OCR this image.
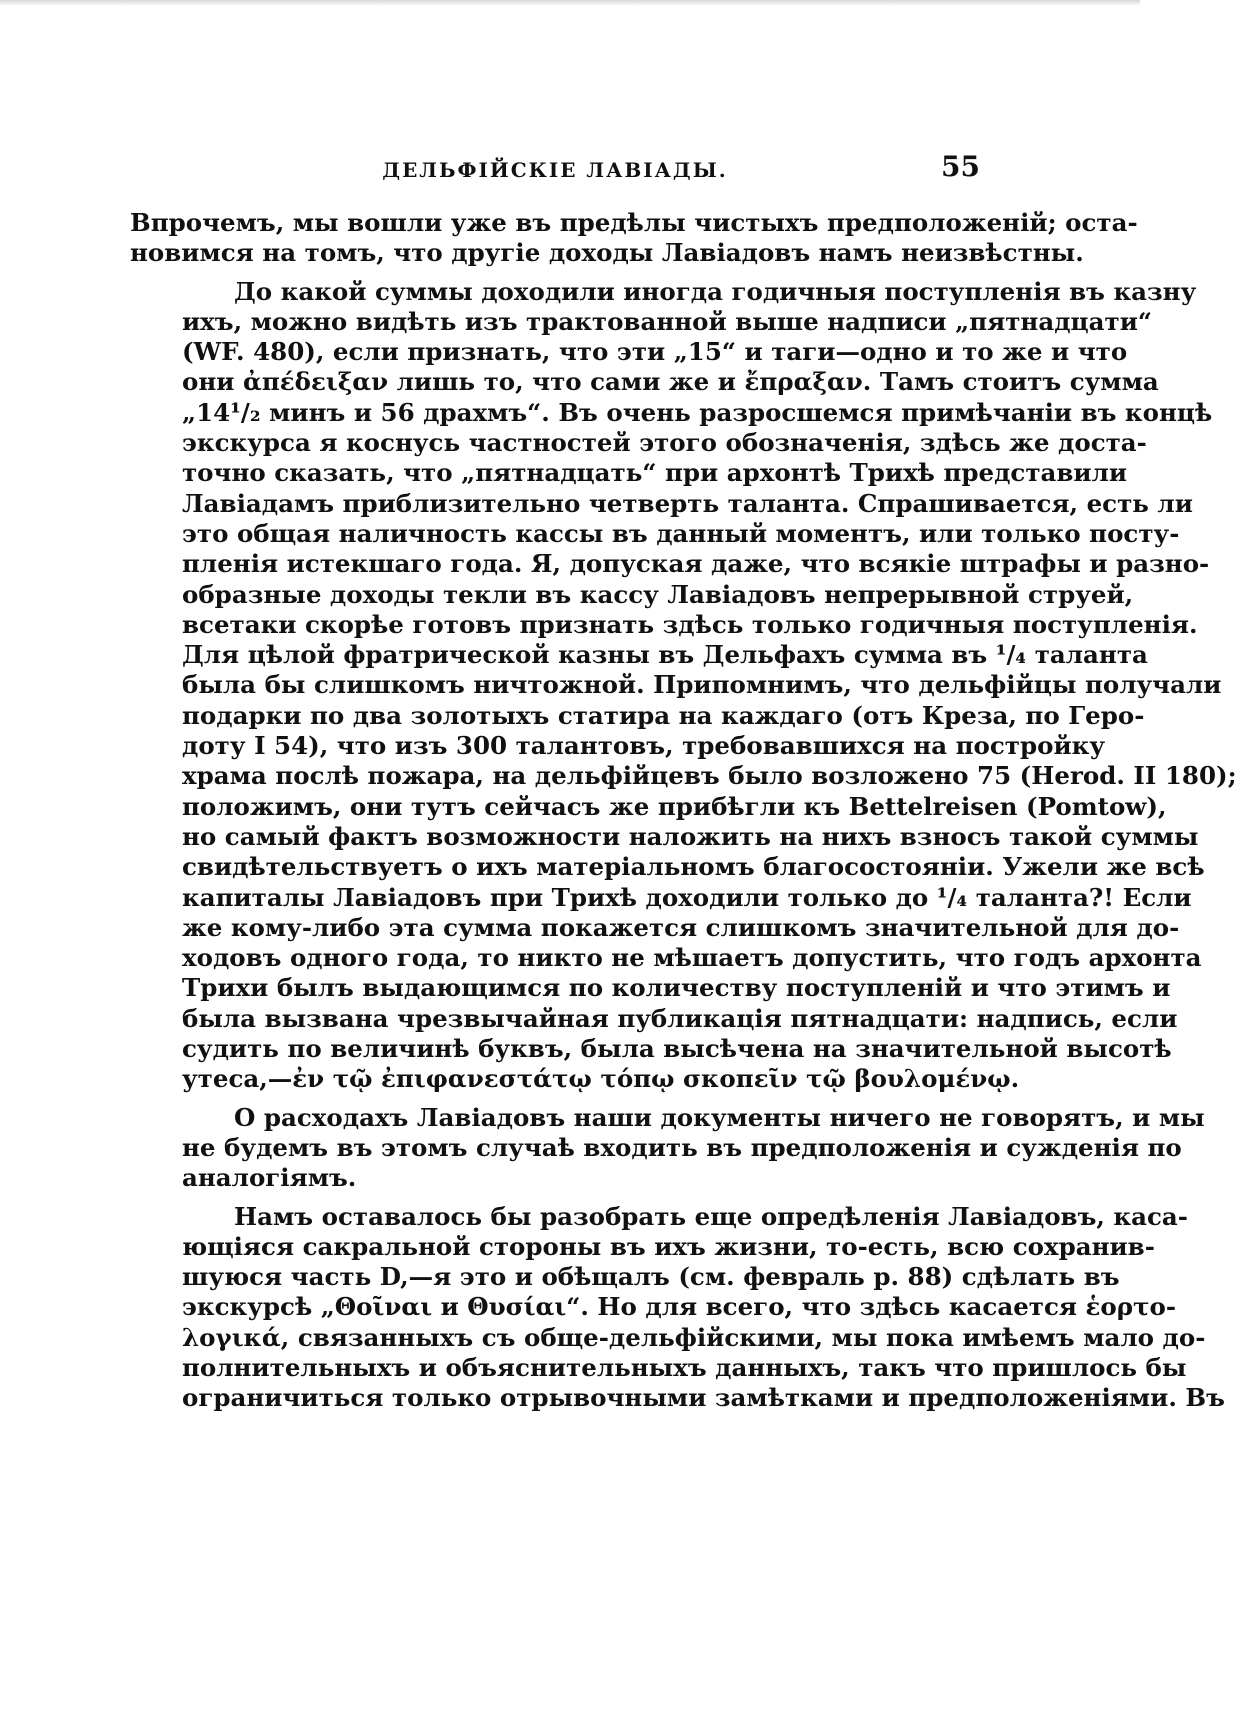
ДЕЛЬФІЙСКІЕ ЛАВІАДЫ.	55
Впрочемъ, мы вошли уже въ предѣлы чистыхъ предположеній; оста-
новимся на томъ, что другіе доходы Лавіадовъ намъ неизвѣстны.
До какой суммы доходили иногда годичныя поступленія въ казну
ихъ, можно видѣть изъ трактованной выше надписи „пятнадцати“
(WF. 480), если признать, что эти „15“ и таги—одно и то же и что
они ἀπέδειξαν лишь то, что сами же и ἔπραξαν. Тамъ стоитъ сумма
„14¹/₂ минъ и 56 драхмъ“. Въ очень разросшемся примѣчаніи въ концѣ
экскурса я коснусь частностей этого обозначенія, здѣсь же доста-
точно сказать, что „пятнадцать“ при архонтѣ Трихѣ представили
Лавіадамъ приблизительно четверть таланта. Спрашивается, есть ли
это общая наличность кассы въ данный моментъ, или только посту-
пленія истекшаго года. Я, допуская даже, что всякіе штрафы и разно-
образные доходы текли въ кассу Лавіадовъ непрерывной струей,
всетаки скорѣе готовъ признать здѣсь только годичныя поступленія.
Для цѣлой фратрической казны въ Дельфахъ сумма въ ¹/₄ таланта
была бы слишкомъ ничтожной. Припомнимъ, что дельфійцы получали
подарки по два золотыхъ статира на каждаго (отъ Креза, по Геро-
доту I 54), что изъ 300 талантовъ, требовавшихся на постройку
храма послѣ пожара, на дельфійцевъ было возложено 75 (Herod. II 180);
положимъ, они тутъ сейчасъ же прибѣгли къ Bettelreisen (Pomtow),
но самый фактъ возможности наложить на нихъ взносъ такой суммы
свидѣтельствуетъ о ихъ матеріальномъ благосостояніи. Ужели же всѣ
капиталы Лавіадовъ при Трихѣ доходили только до ¹/₄ таланта?! Если
же кому-либо эта сумма покажется слишкомъ значительной для до-
ходовъ одного года, то никто не мѣшаетъ допустить, что годъ архонта
Трихи былъ выдающимся по количеству поступленій и что этимъ и
была вызвана чрезвычайная публикація пятнадцати: надпись, если
судить по величинѣ буквъ, была высѣчена на значительной высотѣ
утеса,—ἐν τῷ ἐπιφανεστάτῳ τόπῳ σκοπεῖν τῷ βουλομένῳ.
О расходахъ Лавіадовъ наши документы ничего не говорятъ, и мы
не будемъ въ этомъ случаѣ входить въ предположенія и сужденія по
аналогіямъ.
Намъ оставалось бы разобрать еще опредѣленія Лавіадовъ, каса-
ющіяся сакральной стороны въ ихъ жизни, то-есть, всю сохранив-
шуюся часть D,—я это и обѣщалъ (см. февраль р. 88) сдѣлать въ
экскурсѣ „Θοῖναι и Θυσίαι“. Но для всего, что здѣсь касается ἑορτο-
λογικά, связанныхъ съ обще-дельфійскими, мы пока имѣемъ мало до-
полнительныхъ и объяснительныхъ данныхъ, такъ что пришлось бы
ограничиться только отрывочными замѣтками и предположеніями. Въ
